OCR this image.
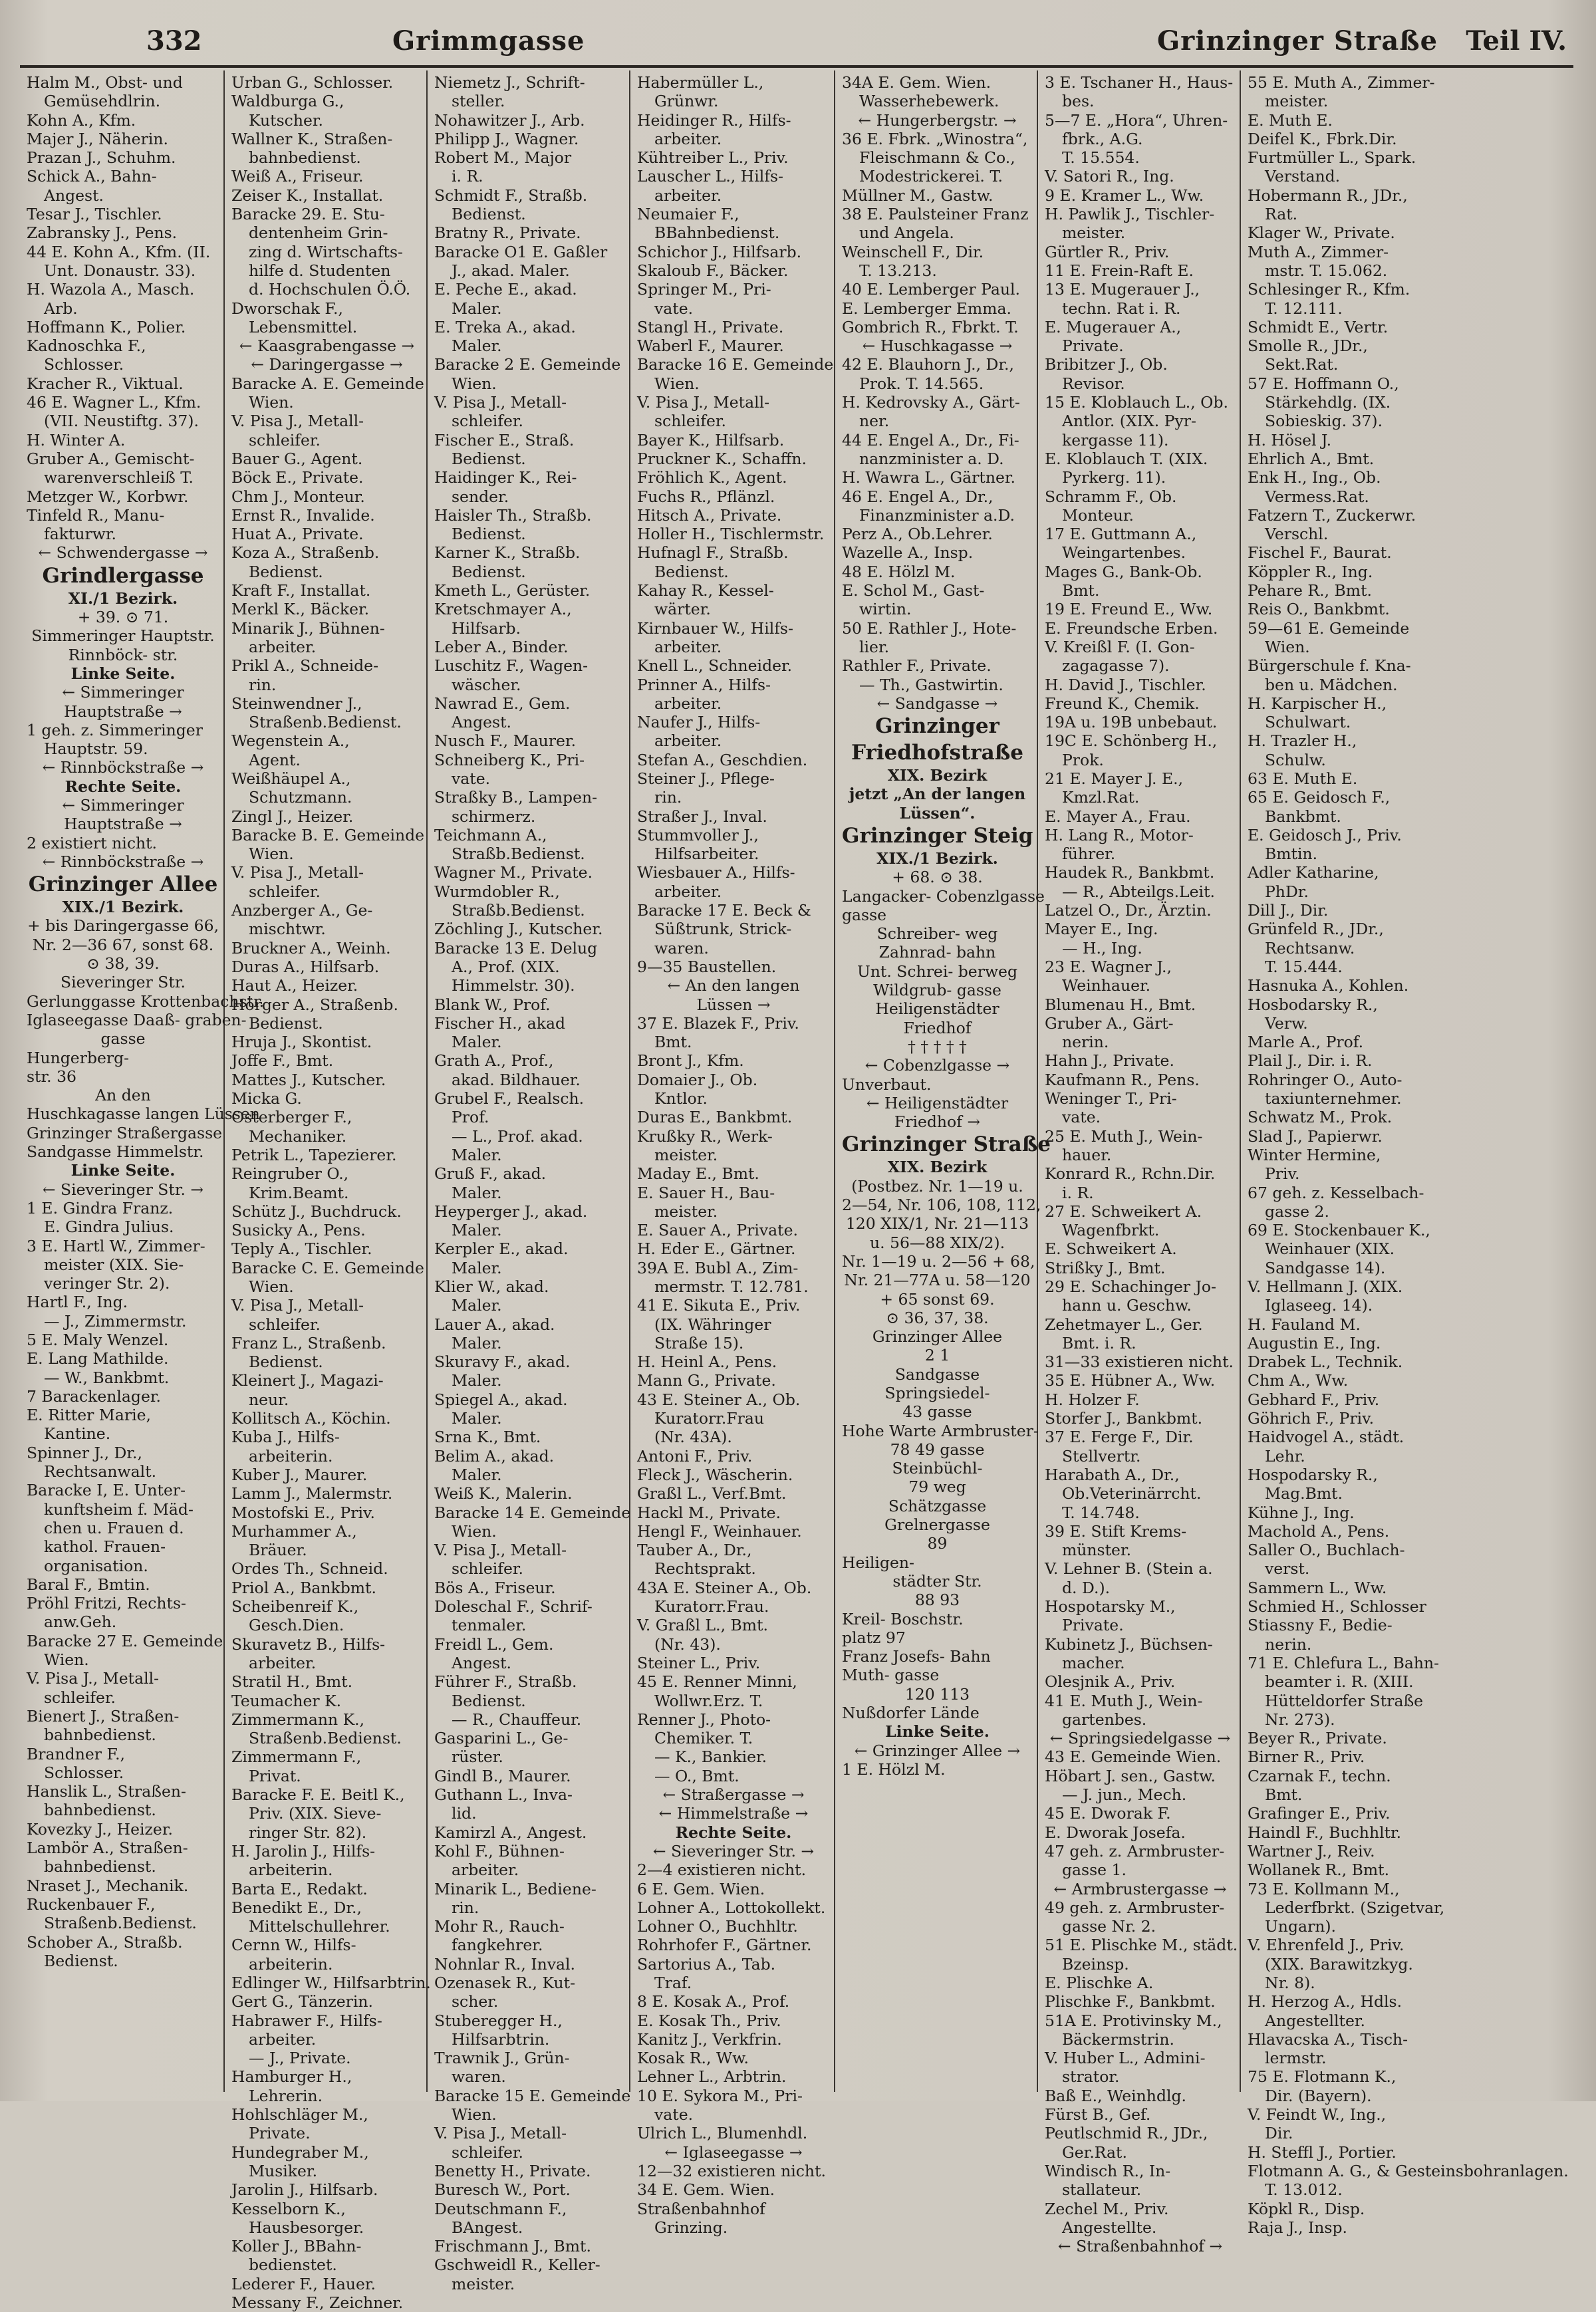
332	Grimmgasse	Grinzinger Straße Teil IV.
Halm M., Obst- und
Gemüsehdlrin.
Kohn A., Kfm.
Majer J., Näherin.
Prazan J., Schuhm.
Schick A., Bahn-
Angest.
Tesar J., Tischler.
Zabransky J., Pens.
44 E. Kohn A., Kfm. (II.
Unt. Donaustr. 33).
H. Wazola A., Masch.
Arb.
Hoffmann K., Polier.
Kadnoschka F.,
Schlosser.
Kracher R., Viktual.
46 E. Wagner L., Kfm.
(VII. Neustiftg. 37).
H. Winter A.
Gruber A., Gemischt-
warenverschleiß T.
Metzger W., Korbwr.
Tinfeld R., Manu-
fakturwr.
← Schwendergasse →
Grindlergasse
XI./1 Bezirk.
+ 39. ⊙ 71.
Simmeringer Hauptstr.
Rinnböck- str.
Linke Seite.
← Simmeringer
Hauptstraße →
1 geh. z. Simmeringer
Hauptstr. 59.
← Rinnböckstraße →
Rechte Seite.
← Simmeringer
Hauptstraße →
2 existiert nicht.
← Rinnböckstraße →
Grinzinger Allee
XIX./1 Bezirk.
+ bis Daringergasse 66,
Nr. 2—36 67, sonst 68.
⊙ 38, 39.
Sieveringer Str.
Gerlunggasse Krottenbachstr.
Iglaseegasse Daaß- graben-
gasse
Hungerberg-
str. 36
An den
Huschkagasse langen Lüssen
Grinzinger Straßergasse
Sandgasse Himmelstr.
Linke Seite.
← Sieveringer Str. →
1 E. Gindra Franz.
E. Gindra Julius.
3 E. Hartl W., Zimmer-
meister (XIX. Sie-
veringer Str. 2).
Hartl F., Ing.
— J., Zimmermstr.
5 E. Maly Wenzel.
E. Lang Mathilde.
— W., Bankbmt.
7 Barackenlager.
E. Ritter Marie,
Kantine.
Spinner J., Dr.,
Rechtsanwalt.
Baracke I, E. Unter-
kunftsheim f. Mäd-
chen u. Frauen d.
kathol. Frauen-
organisation.
Baral F., Bmtin.
Pröhl Fritzi, Rechts-
anw.Geh.
Baracke 27 E. Gemeinde
Wien.
V. Pisa J., Metall-
schleifer.
Bienert J., Straßen-
bahnbedienst.
Brandner F.,
Schlosser.
Hanslik L., Straßen-
bahnbedienst.
Kovezky J., Heizer.
Lambör A., Straßen-
bahnbedienst.
Nraset J., Mechanik.
Ruckenbauer F.,
Straßenb.Bedienst.
Schober A., Straßb.
Bedienst.
Urban G., Schlosser.
Waldburga G.,
Kutscher.
Wallner K., Straßen-
bahnbedienst.
Weiß A., Friseur.
Zeiser K., Installat.
Baracke 29. E. Stu-
dentenheim Grin-
zing d. Wirtschafts-
hilfe d. Studenten
d. Hochschulen Ö.Ö.
Dworschak F.,
Lebensmittel.
← Kaasgrabengasse →
← Daringergasse →
Baracke A. E. Gemeinde
Wien.
V. Pisa J., Metall-
schleifer.
Bauer G., Agent.
Böck E., Private.
Chm J., Monteur.
Ernst R., Invalide.
Huat A., Private.
Koza A., Straßenb.
Bedienst.
Kraft F., Installat.
Merkl K., Bäcker.
Minarik J., Bühnen-
arbeiter.
Prikl A., Schneide-
rin.
Steinwendner J.,
Straßenb.Bedienst.
Wegenstein A.,
Agent.
Weißhäupel A.,
Schutzmann.
Zingl J., Heizer.
Baracke B. E. Gemeinde
Wien.
V. Pisa J., Metall-
schleifer.
Anzberger A., Ge-
mischtwr.
Bruckner A., Weinh.
Duras A., Hilfsarb.
Haut A., Heizer.
Hörger A., Straßenb.
Bedienst.
Hruja J., Skontist.
Joffe F., Bmt.
Mattes J., Kutscher.
Micka G.
Osterberger F.,
Mechaniker.
Petrik L., Tapezierer.
Reingruber O.,
Krim.Beamt.
Schütz J., Buchdruck.
Susicky A., Pens.
Teply A., Tischler.
Baracke C. E. Gemeinde
Wien.
V. Pisa J., Metall-
schleifer.
Franz L., Straßenb.
Bedienst.
Kleinert J., Magazi-
neur.
Kollitsch A., Köchin.
Kuba J., Hilfs-
arbeiterin.
Kuber J., Maurer.
Lamm J., Malermstr.
Mostofski E., Priv.
Murhammer A.,
Bräuer.
Ordes Th., Schneid.
Priol A., Bankbmt.
Scheibenreif K.,
Gesch.Dien.
Skuravetz B., Hilfs-
arbeiter.
Stratil H., Bmt.
Teumacher K.
Zimmermann K.,
Straßenb.Bedienst.
Zimmermann F.,
Privat.
Baracke F. E. Beitl K.,
Priv. (XIX. Sieve-
ringer Str. 82).
H. Jarolin J., Hilfs-
arbeiterin.
Barta E., Redakt.
Benedikt E., Dr.,
Mittelschullehrer.
Cernn W., Hilfs-
arbeiterin.
Edlinger W., Hilfsarbtrin.
Gert G., Tänzerin.
Habrawer F., Hilfs-
arbeiter.
— J., Private.
Hamburger H.,
Lehrerin.
Hohlschläger M.,
Private.
Hundegraber M.,
Musiker.
Jarolin J., Hilfsarb.
Kesselborn K.,
Hausbesorger.
Koller J., BBahn-
bedienstet.
Lederer F., Hauer.
Messany F., Zeichner.
Niemetz J., Schrift-
steller.
Nohawitzer J., Arb.
Philipp J., Wagner.
Robert M., Major
i. R.
Schmidt F., Straßb.
Bedienst.
Bratny R., Private.
Baracke O1 E. Gaßler
J., akad. Maler.
E. Peche E., akad.
Maler.
E. Treka A., akad.
Maler.
Baracke 2 E. Gemeinde
Wien.
V. Pisa J., Metall-
schleifer.
Fischer E., Straß.
Bedienst.
Haidinger K., Rei-
sender.
Haisler Th., Straßb.
Bedienst.
Karner K., Straßb.
Bedienst.
Kmeth L., Gerüster.
Kretschmayer A.,
Hilfsarb.
Leber A., Binder.
Luschitz F., Wagen-
wäscher.
Nawrad E., Gem.
Angest.
Nusch F., Maurer.
Schneiberg K., Pri-
vate.
Straßky B., Lampen-
schirmerz.
Teichmann A.,
Straßb.Bedienst.
Wagner M., Private.
Wurmdobler R.,
Straßb.Bedienst.
Zöchling J., Kutscher.
Baracke 13 E. Delug
A., Prof. (XIX.
Himmelstr. 30).
Blank W., Prof.
Fischer H., akad
Maler.
Grath A., Prof.,
akad. Bildhauer.
Grubel F., Realsch.
Prof.
— L., Prof. akad.
Maler.
Gruß F., akad.
Maler.
Heyperger J., akad.
Maler.
Kerpler E., akad.
Maler.
Klier W., akad.
Maler.
Lauer A., akad.
Maler.
Skuravy F., akad.
Maler.
Spiegel A., akad.
Maler.
Srna K., Bmt.
Belim A., akad.
Maler.
Weiß K., Malerin.
Baracke 14 E. Gemeinde
Wien.
V. Pisa J., Metall-
schleifer.
Bös A., Friseur.
Doleschal F., Schrif-
tenmaler.
Freidl L., Gem.
Angest.
Führer F., Straßb.
Bedienst.
— R., Chauffeur.
Gasparini L., Ge-
rüster.
Gindl B., Maurer.
Guthann L., Inva-
lid.
Kamirzl A., Angest.
Kohl F., Bühnen-
arbeiter.
Minarik L., Bediene-
rin.
Mohr R., Rauch-
fangkehrer.
Nohnlar R., Inval.
Ozenasek R., Kut-
scher.
Stuberegger H.,
Hilfsarbtrin.
Trawnik J., Grün-
waren.
Baracke 15 E. Gemeinde
Wien.
V. Pisa J., Metall-
schleifer.
Benetty H., Private.
Buresch W., Port.
Deutschmann F.,
BAngest.
Frischmann J., Bmt.
Gschweidl R., Keller-
meister.
Habermüller L.,
Grünwr.
Heidinger R., Hilfs-
arbeiter.
Kühtreiber L., Priv.
Lauscher L., Hilfs-
arbeiter.
Neumaier F.,
BBahnbedienst.
Schichor J., Hilfsarb.
Skaloub F., Bäcker.
Springer M., Pri-
vate.
Stangl H., Private.
Waberl F., Maurer.
Baracke 16 E. Gemeinde
Wien.
V. Pisa J., Metall-
schleifer.
Bayer K., Hilfsarb.
Pruckner K., Schaffn.
Fröhlich K., Agent.
Fuchs R., Pflänzl.
Hitsch A., Private.
Holler H., Tischlermstr.
Hufnagl F., Straßb.
Bedienst.
Kahay R., Kessel-
wärter.
Kirnbauer W., Hilfs-
arbeiter.
Knell L., Schneider.
Prinner A., Hilfs-
arbeiter.
Naufer J., Hilfs-
arbeiter.
Stefan A., Geschdien.
Steiner J., Pflege-
rin.
Straßer J., Inval.
Stummvoller J.,
Hilfsarbeiter.
Wiesbauer A., Hilfs-
arbeiter.
Baracke 17 E. Beck &
Süßtrunk, Strick-
waren.
9—35 Baustellen.
← An den langen
Lüssen →
37 E. Blazek F., Priv.
Bmt.
Bront J., Kfm.
Domaier J., Ob.
Kntlor.
Duras E., Bankbmt.
Krußky R., Werk-
meister.
Maday E., Bmt.
E. Sauer H., Bau-
meister.
E. Sauer A., Private.
H. Eder E., Gärtner.
39A E. Bubl A., Zim-
mermstr. T. 12.781.
41 E. Sikuta E., Priv.
(IX. Währinger
Straße 15).
H. Heinl A., Pens.
Mann G., Private.
43 E. Steiner A., Ob.
Kuratorr.Frau
(Nr. 43A).
Antoni F., Priv.
Fleck J., Wäscherin.
Graßl L., Verf.Bmt.
Hackl M., Private.
Hengl F., Weinhauer.
Tauber A., Dr.,
Rechtsprakt.
43A E. Steiner A., Ob.
Kuratorr.Frau.
V. Graßl L., Bmt.
(Nr. 43).
Steiner L., Priv.
45 E. Renner Minni,
Wollwr.Erz. T.
Renner J., Photo-
Chemiker. T.
— K., Bankier.
— O., Bmt.
← Straßergasse →
← Himmelstraße →
Rechte Seite.
← Sieveringer Str. →
2—4 existieren nicht.
6 E. Gem. Wien.
Lohner A., Lottokollekt.
Lohner O., Buchhltr.
Rohrhofer F., Gärtner.
Sartorius A., Tab.
Traf.
8 E. Kosak A., Prof.
E. Kosak Th., Priv.
Kanitz J., Verkfrin.
Kosak R., Ww.
Lehner L., Arbtrin.
10 E. Sykora M., Pri-
vate.
Ulrich L., Blumenhdl.
← Iglaseegasse →
12—32 existieren nicht.
34 E. Gem. Wien.
Straßenbahnhof
Grinzing.
34A E. Gem. Wien.
Wasserhebewerk.
← Hungerbergstr. →
36 E. Fbrk. „Winostra“,
Fleischmann & Co.,
Modestrickerei. T.
Müllner M., Gastw.
38 E. Paulsteiner Franz
und Angela.
Weinschell F., Dir.
T. 13.213.
40 E. Lemberger Paul.
E. Lemberger Emma.
Gombrich R., Fbrkt. T.
← Huschkagasse →
42 E. Blauhorn J., Dr.,
Prok. T. 14.565.
H. Kedrovsky A., Gärt-
ner.
44 E. Engel A., Dr., Fi-
nanzminister a. D.
H. Wawra L., Gärtner.
46 E. Engel A., Dr.,
Finanzminister a.D.
Perz A., Ob.Lehrer.
Wazelle A., Insp.
48 E. Hölzl M.
E. Schol M., Gast-
wirtin.
50 E. Rathler J., Hote-
lier.
Rathler F., Private.
— Th., Gastwirtin.
← Sandgasse →
Grinzinger
Friedhofstraße
XIX. Bezirk
jetzt „An der langen
Lüssen“.
Grinzinger Steig
XIX./1 Bezirk.
+ 68. ⊙ 38.
Langacker- Cobenzlgasse
gasse
Schreiber- weg
Zahnrad- bahn
Unt. Schrei- berweg
Wildgrub- gasse
Heiligenstädter
Friedhof
† † † † †
← Cobenzlgasse →
Unverbaut.
← Heiligenstädter
Friedhof →
Grinzinger Straße
XIX. Bezirk
(Postbez. Nr. 1—19 u.
2—54, Nr. 106, 108, 112,
120 XIX/1, Nr. 21—113
u. 56—88 XIX/2).
Nr. 1—19 u. 2—56 + 68,
Nr. 21—77A u. 58—120
+ 65 sonst 69.
⊙ 36, 37, 38.
Grinzinger Allee
2 1
Sandgasse
Springsiedel-
43 gasse
Hohe Warte Armbruster-
78 49 gasse
Steinbüchl-
79 weg
Schätzgasse
Grelnergasse
89
Heiligen-
städter Str.
88 93
Kreil- Boschstr.
platz 97
Franz Josefs- Bahn
Muth- gasse
120 113
Nußdorfer Lände
Linke Seite.
← Grinzinger Allee →
1 E. Hölzl M.
3 E. Tschaner H., Haus-
bes.
5—7 E. „Hora“, Uhren-
fbrk., A.G.
T. 15.554.
V. Satori R., Ing.
9 E. Kramer L., Ww.
H. Pawlik J., Tischler-
meister.
Gürtler R., Priv.
11 E. Frein-Raft E.
13 E. Mugerauer J.,
techn. Rat i. R.
E. Mugerauer A.,
Private.
Bribitzer J., Ob.
Revisor.
15 E. Kloblauch L., Ob.
Antlor. (XIX. Pyr-
kergasse 11).
E. Kloblauch T. (XIX.
Pyrkerg. 11).
Schramm F., Ob.
Monteur.
17 E. Guttmann A.,
Weingartenbes.
Mages G., Bank-Ob.
Bmt.
19 E. Freund E., Ww.
E. Freundsche Erben.
V. Kreißl F. (I. Gon-
zagagasse 7).
H. David J., Tischler.
Freund K., Chemik.
19A u. 19B unbebaut.
19C E. Schönberg H.,
Prok.
21 E. Mayer J. E.,
Kmzl.Rat.
E. Mayer A., Frau.
H. Lang R., Motor-
führer.
Haudek R., Bankbmt.
— R., Abteilgs.Leit.
Latzel O., Dr., Ärztin.
Mayer E., Ing.
— H., Ing.
23 E. Wagner J.,
Weinhauer.
Blumenau H., Bmt.
Gruber A., Gärt-
nerin.
Hahn J., Private.
Kaufmann R., Pens.
Weninger T., Pri-
vate.
25 E. Muth J., Wein-
hauer.
Konrard R., Rchn.Dir.
i. R.
27 E. Schweikert A.
Wagenfbrkt.
E. Schweikert A.
Strißky J., Bmt.
29 E. Schachinger Jo-
hann u. Geschw.
Zehetmayer L., Ger.
Bmt. i. R.
31—33 existieren nicht.
35 E. Hübner A., Ww.
H. Holzer F.
Storfer J., Bankbmt.
37 E. Ferge F., Dir.
Stellvertr.
Harabath A., Dr.,
Ob.Veterinärrcht.
T. 14.748.
39 E. Stift Krems-
münster.
V. Lehner B. (Stein a.
d. D.).
Hospotarsky M.,
Private.
Kubinetz J., Büchsen-
macher.
Olesjnik A., Priv.
41 E. Muth J., Wein-
gartenbes.
← Springsiedelgasse →
43 E. Gemeinde Wien.
Höbart J. sen., Gastw.
— J. jun., Mech.
45 E. Dworak F.
E. Dworak Josefa.
47 geh. z. Armbruster-
gasse 1.
← Armbrustergasse →
49 geh. z. Armbruster-
gasse Nr. 2.
51 E. Plischke M., städt.
Bzeinsp.
E. Plischke A.
Plischke F., Bankbmt.
51A E. Protivinsky M.,
Bäckermstrin.
V. Huber L., Admini-
strator.
Baß E., Weinhdlg.
Fürst B., Gef.
Peutlschmid R., JDr.,
Ger.Rat.
Windisch R., In-
stallateur.
Zechel M., Priv.
Angestellte.
← Straßenbahnhof →
55 E. Muth A., Zimmer-
meister.
E. Muth E.
Deifel K., Fbrk.Dir.
Furtmüller L., Spark.
Verstand.
Hobermann R., JDr.,
Rat.
Klager W., Private.
Muth A., Zimmer-
mstr. T. 15.062.
Schlesinger R., Kfm.
T. 12.111.
Schmidt E., Vertr.
Smolle R., JDr.,
Sekt.Rat.
57 E. Hoffmann O.,
Stärkehdlg. (IX.
Sobieskig. 37).
H. Hösel J.
Ehrlich A., Bmt.
Enk H., Ing., Ob.
Vermess.Rat.
Fatzern T., Zuckerwr.
Verschl.
Fischel F., Baurat.
Köppler R., Ing.
Pehare R., Bmt.
Reis O., Bankbmt.
59—61 E. Gemeinde
Wien.
Bürgerschule f. Kna-
ben u. Mädchen.
H. Karpischer H.,
Schulwart.
H. Trazler H.,
Schulw.
63 E. Muth E.
65 E. Geidosch F.,
Bankbmt.
E. Geidosch J., Priv.
Bmtin.
Adler Katharine,
PhDr.
Dill J., Dir.
Grünfeld R., JDr.,
Rechtsanw.
T. 15.444.
Hasnuka A., Kohlen.
Hosbodarsky R.,
Verw.
Marle A., Prof.
Plail J., Dir. i. R.
Rohringer O., Auto-
taxiunternehmer.
Schwatz M., Prok.
Slad J., Papierwr.
Winter Hermine,
Priv.
67 geh. z. Kesselbach-
gasse 2.
69 E. Stockenbauer K.,
Weinhauer (XIX.
Sandgasse 14).
V. Hellmann J. (XIX.
Iglaseeg. 14).
H. Fauland M.
Augustin E., Ing.
Drabek L., Technik.
Chm A., Ww.
Gebhard F., Priv.
Göhrich F., Priv.
Haidvogel A., städt.
Lehr.
Hospodarsky R.,
Mag.Bmt.
Kühne J., Ing.
Machold A., Pens.
Saller O., Buchlach-
verst.
Sammern L., Ww.
Schmied H., Schlosser
Stiassny F., Bedie-
nerin.
71 E. Chlefura L., Bahn-
beamter i. R. (XIII.
Hütteldorfer Straße
Nr. 273).
Beyer R., Private.
Birner R., Priv.
Czarnak F., techn.
Bmt.
Grafinger E., Priv.
Haindl F., Buchhltr.
Wartner J., Reiv.
Wollanek R., Bmt.
73 E. Kollmann M.,
Lederfbrkt. (Szigetvar,
Ungarn).
V. Ehrenfeld J., Priv.
(XIX. Barawitzkyg.
Nr. 8).
H. Herzog A., Hdls.
Angestellter.
Hlavacska A., Tisch-
lermstr.
75 E. Flotmann K.,
Dir. (Bayern).
V. Feindt W., Ing.,
Dir.
H. Steffl J., Portier.
Flotmann A. G., & Gesteinsbohranlagen.
T. 13.012.
Köpkl R., Disp.
Raja J., Insp.
